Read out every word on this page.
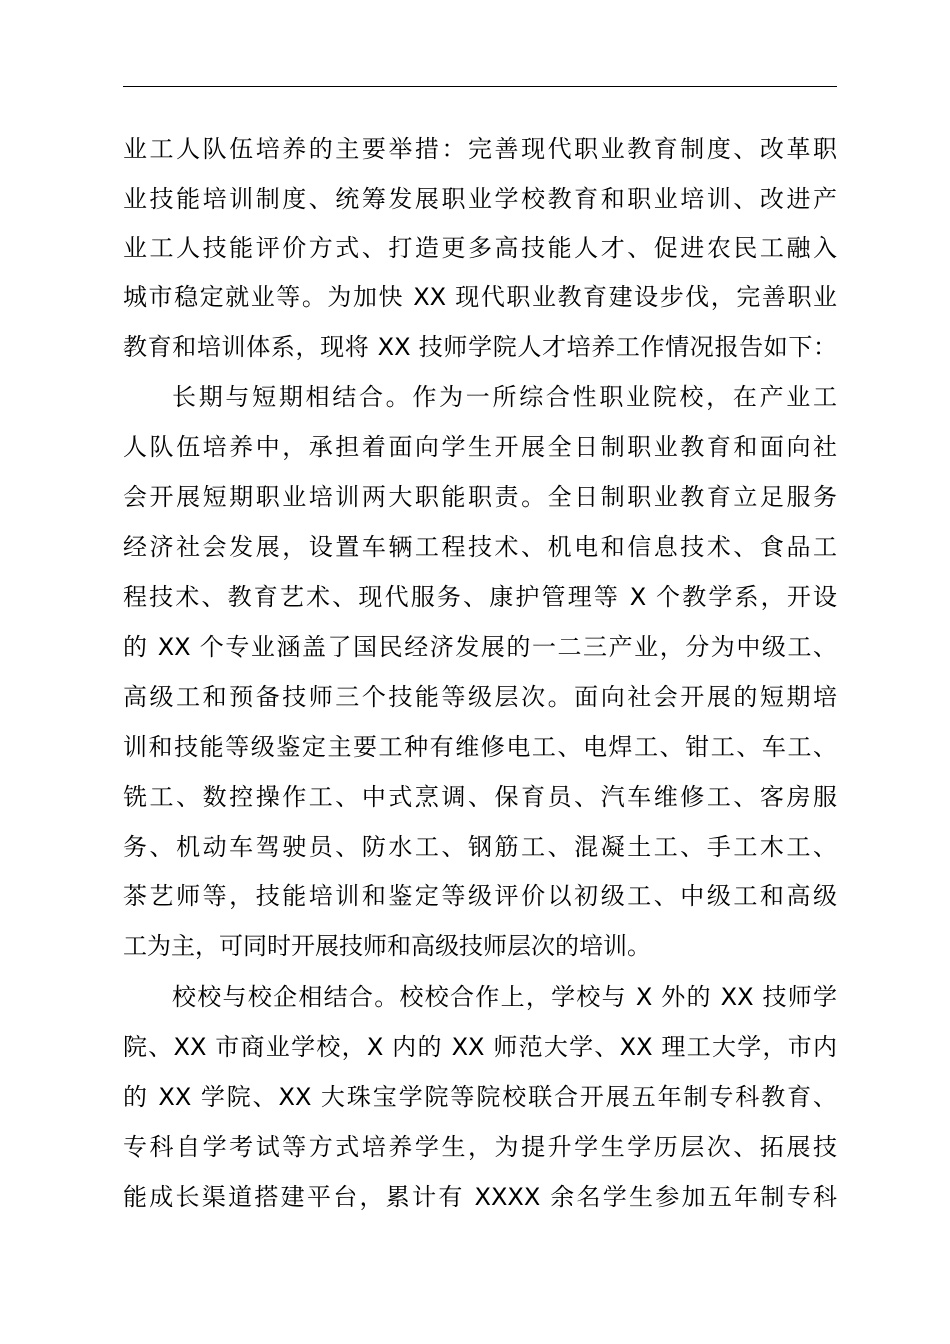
业工人队伍培养的主要举措：完善现代职业教育制度、改革职
业技能培训制度、统筹发展职业学校教育和职业培训、改进产
业工人技能评价方式、打造更多高技能人才、促进农民工融入
城市稳定就业等。为加快 XX 现代职业教育建设步伐，完善职业
教育和培训体系，现将 XX 技师学院人才培养工作情况报告如下：
长期与短期相结合。作为一所综合性职业院校，在产业工
人队伍培养中，承担着面向学生开展全日制职业教育和面向社
会开展短期职业培训两大职能职责。全日制职业教育立足服务
经济社会发展，设置车辆工程技术、机电和信息技术、食品工
程技术、教育艺术、现代服务、康护管理等 X 个教学系，开设
的 XX 个专业涵盖了国民经济发展的一二三产业，分为中级工、
高级工和预备技师三个技能等级层次。面向社会开展的短期培
训和技能等级鉴定主要工种有维修电工、电焊工、钳工、车工、
铣工、数控操作工、中式烹调、保育员、汽车维修工、客房服
务、机动车驾驶员、防水工、钢筋工、混凝土工、手工木工、
茶艺师等，技能培训和鉴定等级评价以初级工、中级工和高级
工为主，可同时开展技师和高级技师层次的培训。
校校与校企相结合。校校合作上，学校与 X 外的 XX 技师学
院、XX 市商业学校，X 内的 XX 师范大学、XX 理工大学，市内
的 XX 学院、XX 大珠宝学院等院校联合开展五年制专科教育、
专科自学考试等方式培养学生，为提升学生学历层次、拓展技
能成长渠道搭建平台，累计有 XXXX 余名学生参加五年制专科
